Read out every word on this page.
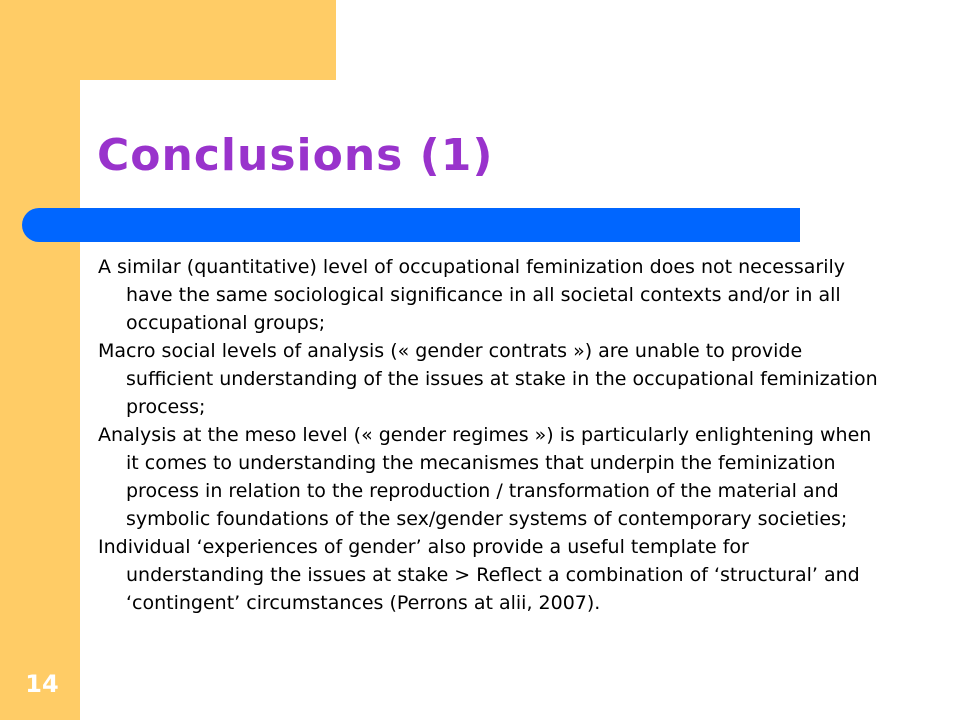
Conclusions (1)

A similar (quantitative) level of occupational feminization does not necessarily have the same sociological significance in all societal contexts and/or in all occupational groups;

Macro social levels of analysis (« gender contrats ») are unable to provide sufficient understanding of the issues at stake in the occupational feminization process;

Analysis at the meso level (« gender regimes ») is particularly enlightening when it comes to understanding the mecanismes that underpin the feminization process in relation to the reproduction / transformation of the material and symbolic foundations of the sex/gender systems of contemporary societies;

Individual ‘experiences of gender’ also provide a useful template for understanding the issues at stake > Reflect a combination of ‘structural’ and ‘contingent’ circumstances (Perrons at alii, 2007).

14
